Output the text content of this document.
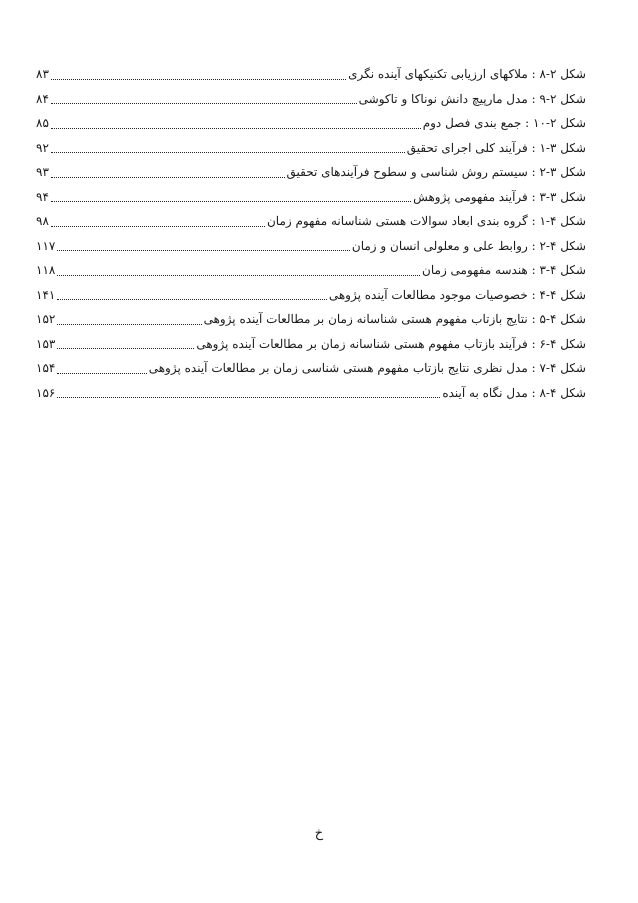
شکل ۲-۸ : ملاکهای ارزیابی تکنیکهای آینده نگری
۸۳
شکل ۲-۹ : مدل مارپیچ دانش نوناکا و تاکوشی
۸۴
شکل ۲-۱۰ : جمع بندی فصل دوم
۸۵
شکل ۳-۱ : فرآیند کلی اجرای تحقیق
۹۲
شکل ۳-۲ : سیستم روش شناسی و سطوح فرآیندهای تحقیق
۹۳
شکل ۳-۳ : فرآیند مفهومی پژوهش
۹۴
شکل ۴-۱ : گروه بندی ابعاد سوالات هستی شناسانه مفهوم زمان
۹۸
شکل ۴-۲ : روابط علی و معلولی انسان و زمان
۱۱۷
شکل ۴-۳ : هندسه مفهومی زمان
۱۱۸
شکل ۴-۴ : خصوصیات موجود مطالعات آینده پژوهی
۱۴۱
شکل ۴-۵ : نتایج بازتاب مفهوم هستی شناسانه زمان بر مطالعات آینده پژوهی
۱۵۲
شکل ۴-۶ : فرآیند بازتاب مفهوم هستی شناسانه زمان بر مطالعات آینده پژوهی
۱۵۳
شکل ۴-۷ : مدل نظری نتایج بازتاب مفهوم هستی شناسی زمان بر مطالعات آینده پژوهی
۱۵۴
شکل ۴-۸ : مدل نگاه به آینده
۱۵۶
خ
